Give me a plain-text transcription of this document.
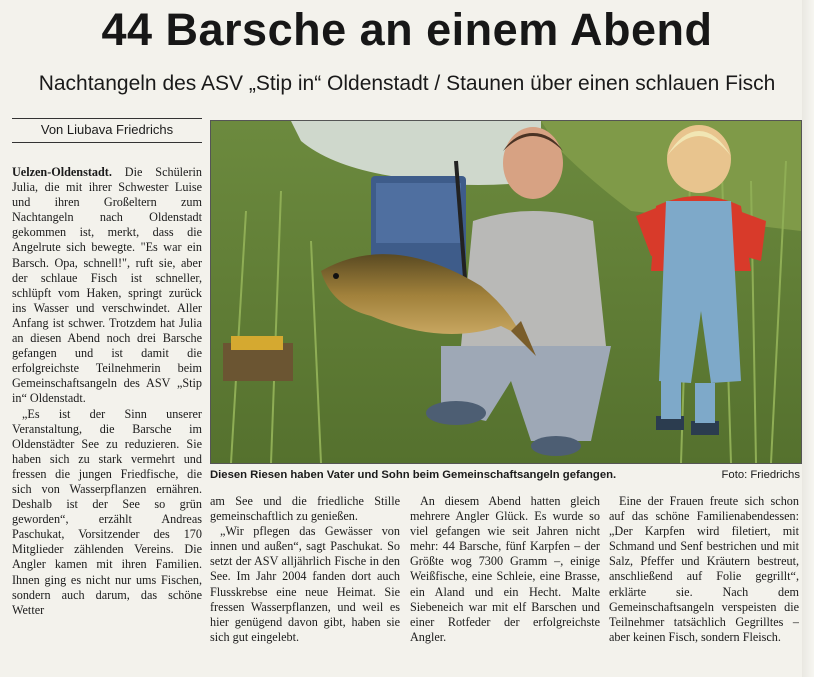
44 Barsche an einem Abend
Nachtangeln des ASV „Stip in“ Oldenstadt / Staunen über einen schlauen Fisch
Von Liubava Friedrichs

Uelzen-Oldenstadt. Die Schülerin Julia, die mit ihrer Schwester Luise und ihren Großeltern zum Nachtangeln nach Oldenstadt gekommen ist, merkt, dass die Angelrute sich bewegte. "Es war ein Barsch. Opa, schnell!", ruft sie, aber der schlaue Fisch ist schneller, schlüpft vom Haken, springt zurück ins Wasser und verschwindet. Aller Anfang ist schwer. Trotzdem hat Julia an diesen Abend noch drei Barsche gefangen und ist damit die erfolgreichste Teilnehmerin beim Gemeinschaftsangeln des ASV „Stip in“ Oldenstadt.

„Es ist der Sinn unserer Veranstaltung, die Barsche im Oldenstädter See zu reduzieren. Sie haben sich zu stark vermehrt und fressen die jungen Friedfische, die sich von Wasserpflanzen ernähren. Deshalb ist der See so grün geworden“, erzählt Andreas Paschukat, Vorsitzender des 170 Mitglieder zählenden Vereins. Die Angler kamen mit ihren Familien. Ihnen ging es nicht nur ums Fischen, sondern auch darum, das schöne Wetter

Diesen Riesen haben Vater und Sohn beim Gemeinschaftsangeln gefangen.	Foto: Friedrichs

am See und die friedliche Stille gemeinschaftlich zu genießen.

„Wir pflegen das Gewässer von innen und außen“, sagt Paschukat. So setzt der ASV alljährlich Fische in den See. Im Jahr 2004 fanden dort auch Flusskrebse eine neue Heimat. Sie fressen Wasserpflanzen, und weil es hier genügend davon gibt, haben sie sich gut eingelebt.

An diesem Abend hatten gleich mehrere Angler Glück. Es wurde so viel gefangen wie seit Jahren nicht mehr: 44 Barsche, fünf Karpfen – der Größte wog 7300 Gramm –, einige Weißfische, eine Schleie, eine Brasse, ein Aland und ein Hecht. Malte Siebeneich war mit elf Barschen und einer Rotfeder der erfolgreichste Angler.

Eine der Frauen freute sich schon auf das schöne Familienabendessen: „Der Karpfen wird filetiert, mit Schmand und Senf bestrichen und mit Salz, Pfeffer und Kräutern bestreut, anschließend auf Folie gegrillt“, erklärte sie. Nach dem Gemeinschaftsangeln verspeisten die Teilnehmer tatsächlich Gegrilltes – aber keinen Fisch, sondern Fleisch.
